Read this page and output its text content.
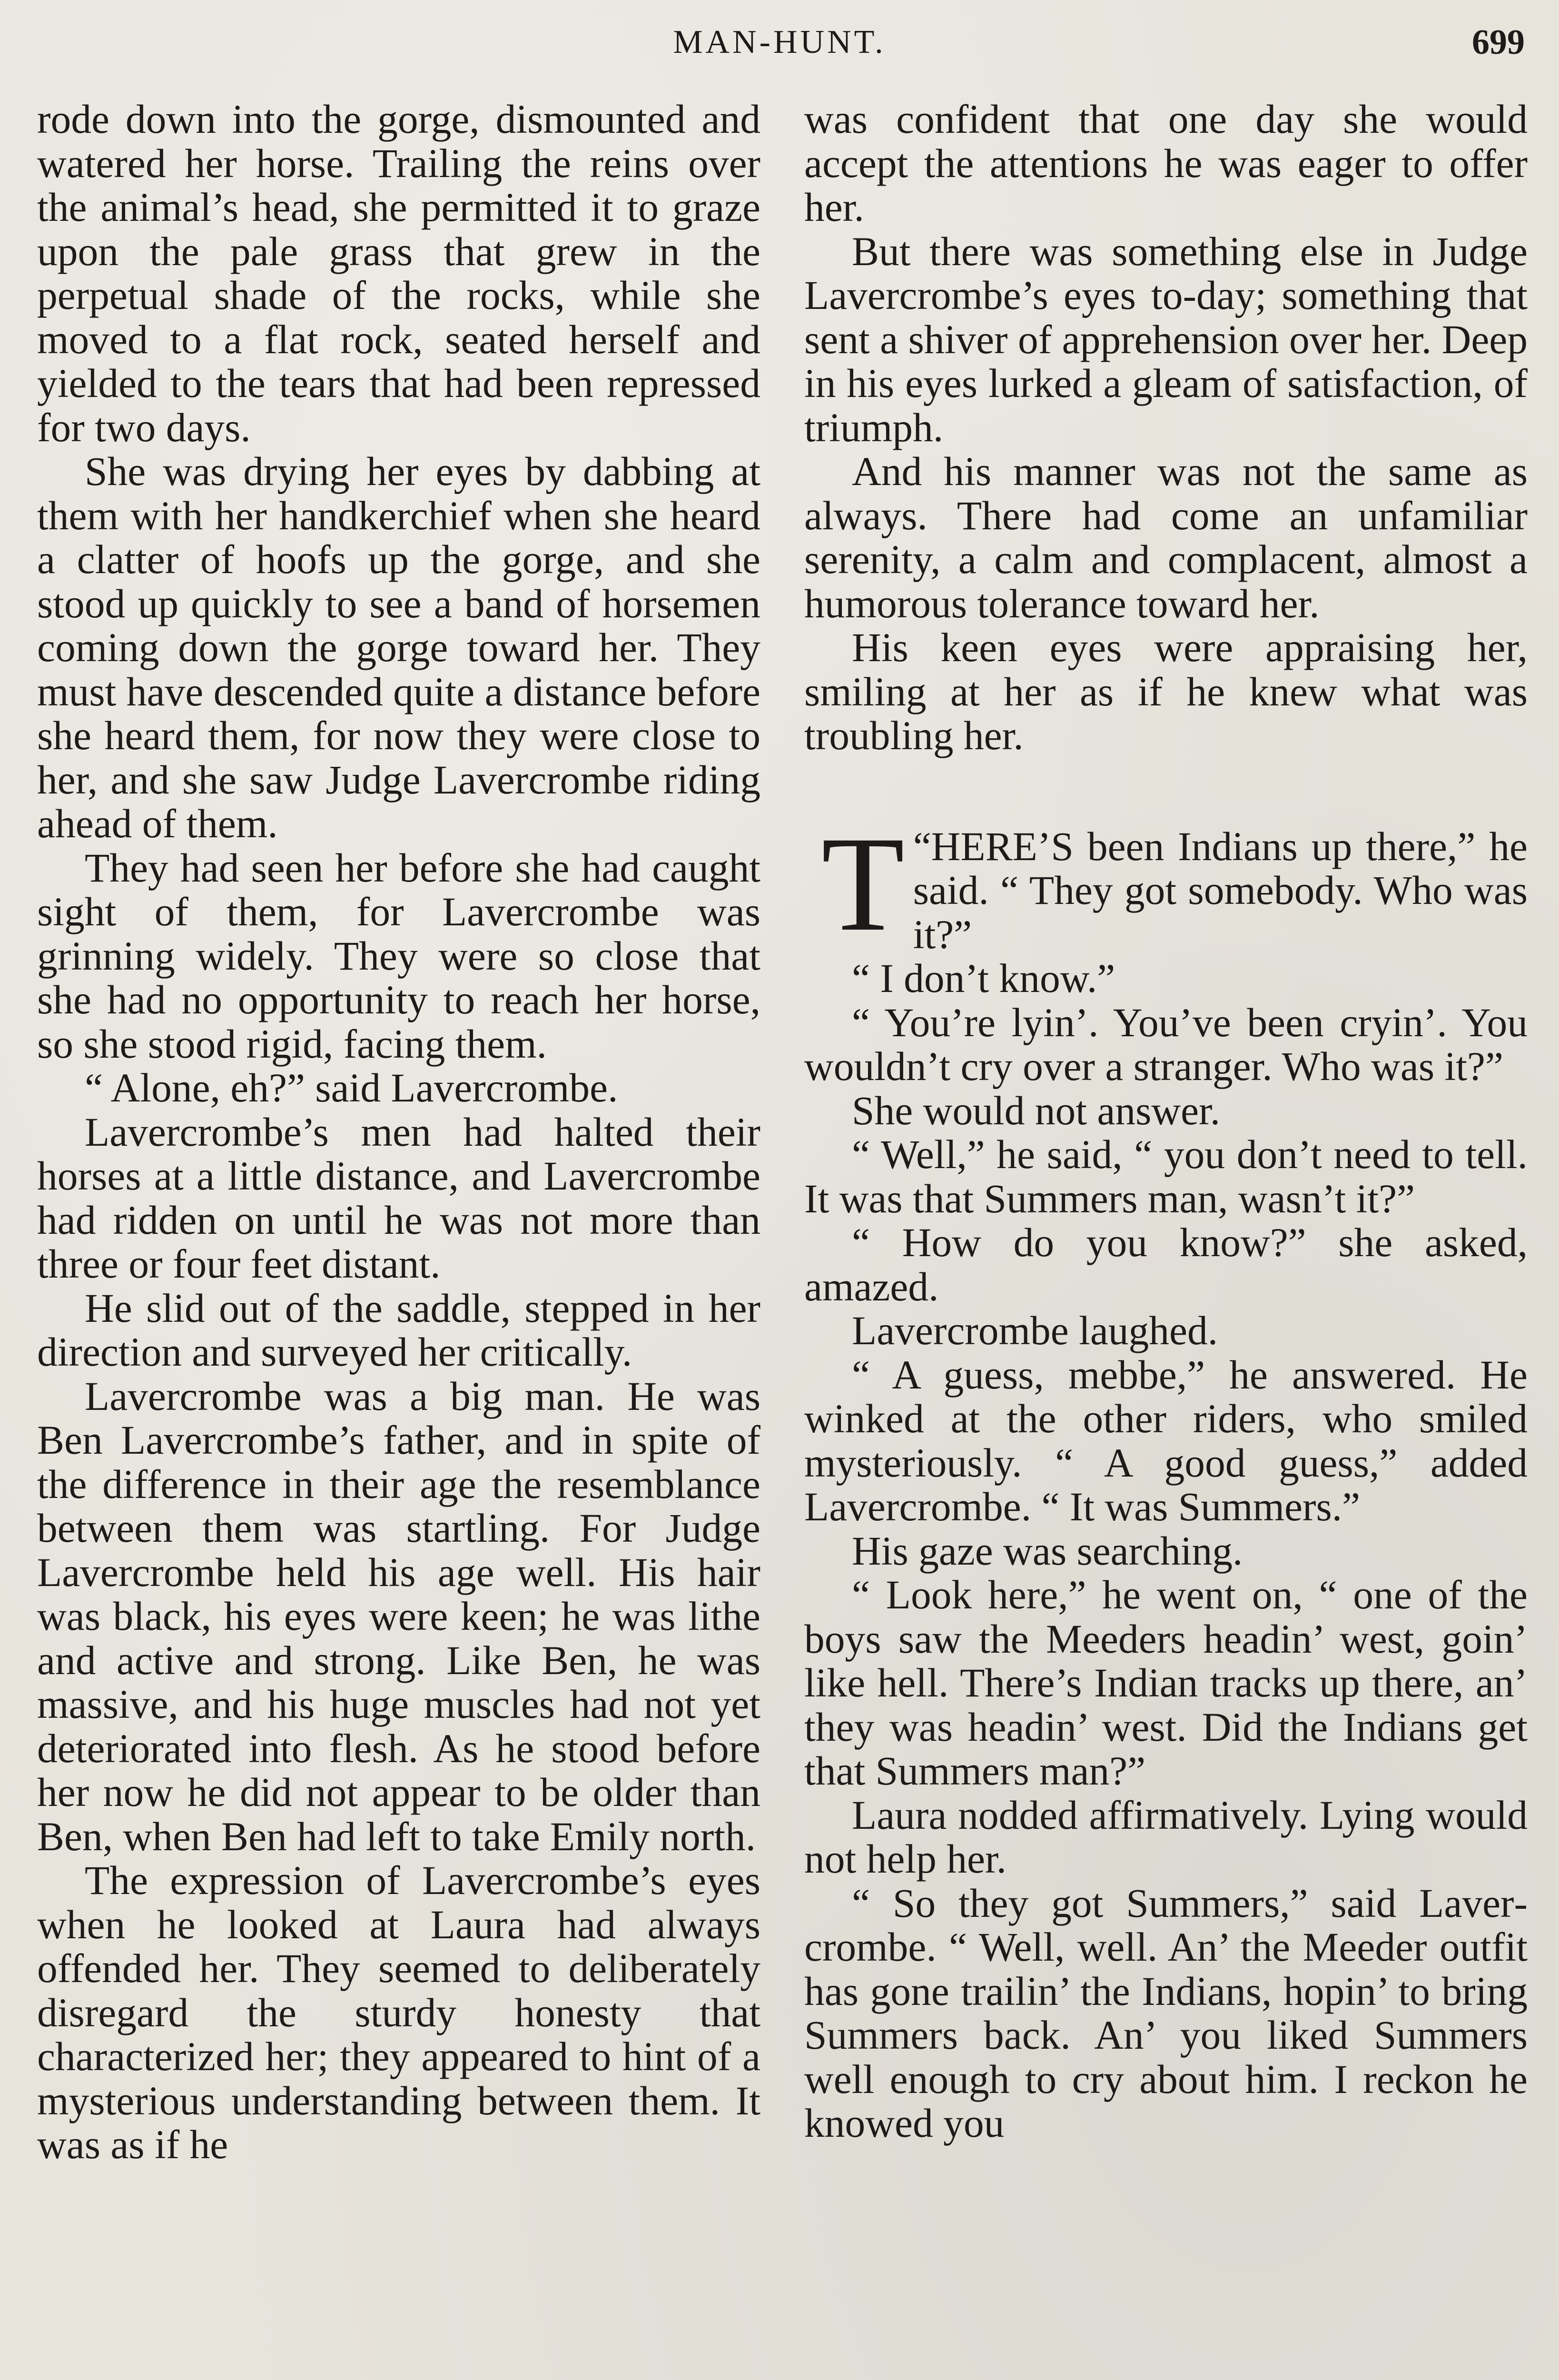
MAN-HUNT.	699

rode down into the gorge, dismounted and watered her horse. Trailing the reins over the animal’s head, she permitted it to graze upon the pale grass that grew in the perpetual shade of the rocks, while she moved to a flat rock, seated herself and yielded to the tears that had been repressed for two days.

She was drying her eyes by dabbing at them with her handkerchief when she heard a clatter of hoofs up the gorge, and she stood up quickly to see a band of horsemen coming down the gorge toward her. They must have descended quite a distance before she heard them, for now they were close to her, and she saw Judge Lavercrombe riding ahead of them.

They had seen her before she had caught sight of them, for Lavercrombe was grinning widely. They were so close that she had no opportunity to reach her horse, so she stood rigid, facing them.

“ Alone, eh?” said Lavercrombe.

Lavercrombe’s men had halted their horses at a little distance, and Lavercrombe had ridden on until he was not more than three or four feet distant.

He slid out of the saddle, stepped in her direction and surveyed her critically.

Lavercrombe was a big man. He was Ben Lavercrombe’s father, and in spite of the difference in their age the resemblance between them was startling. For Judge Lavercrombe held his age well. His hair was black, his eyes were keen; he was lithe and active and strong. Like Ben, he was massive, and his huge muscles had not yet deteriorated into flesh. As he stood before her now he did not appear to be older than Ben, when Ben had left to take Emily north.

The expression of Lavercrombe’s eyes when he looked at Laura had always offended her. They seemed to deliberately disregard the sturdy honesty that characterized her; they appeared to hint of a mysterious understanding between them. It was as if he

was confident that one day she would accept the attentions he was eager to offer her.

But there was something else in Judge Lavercrombe’s eyes to-day; something that sent a shiver of apprehension over her. Deep in his eyes lurked a gleam of satisfaction, of triumph.

And his manner was not the same as always. There had come an unfamiliar serenity, a calm and complacent, almost a humorous tolerance toward her.

His keen eyes were appraising her, smiling at her as if he knew what was troubling her.

“
T HERE’S been Indians up there,” he said. “ They got somebody. Who was it?”

“ I don’t know.”

“ You’re lyin’. You’ve been cryin’. You wouldn’t cry over a stranger. Who was it?”

She would not answer.

“ Well,” he said, “ you don’t need to tell. It was that Summers man, wasn’t it?”

“ How do you know?” she asked, amazed.

Lavercrombe laughed.

“ A guess, mebbe,” he answered. He winked at the other riders, who smiled mysteriously. “ A good guess,” added Lavercrombe. “ It was Summers.”

His gaze was searching.

“ Look here,” he went on, “ one of the boys saw the Meeders headin’ west, goin’ like hell. There’s Indian tracks up there, an’ they was headin’ west. Did the Indians get that Summers man?”

Laura nodded affirmatively. Lying would not help her.

“ So they got Summers,” said Lavercrombe. “ Well, well. An’ the Meeder outfit has gone trailin’ the Indians, hopin’ to bring Summers back. An’ you liked Summers well enough to cry about him. I reckon he knowed you
